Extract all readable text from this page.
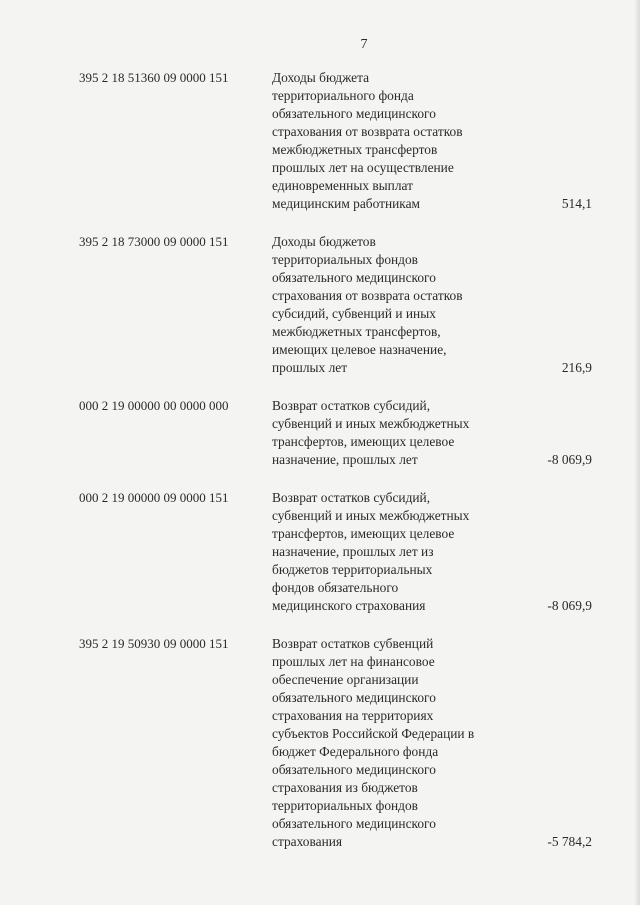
7
395 2 18 51360 09 0000 151	Доходы бюджета
территориального фонда
обязательного медицинского
страхования от возврата остатков
межбюджетных трансфертов
прошлых лет на осуществление
единовременных выплат
медицинским работникам	514,1
395 2 18 73000 09 0000 151	Доходы бюджетов
территориальных фондов
обязательного медицинского
страхования от возврата остатков
субсидий, субвенций и иных
межбюджетных трансфертов,
имеющих целевое назначение,
прошлых лет	216,9
000 2 19 00000 00 0000 000	Возврат остатков субсидий,
субвенций и иных межбюджетных
трансфертов, имеющих целевое
назначение, прошлых лет	-8 069,9
000 2 19 00000 09 0000 151	Возврат остатков субсидий,
субвенций и иных межбюджетных
трансфертов, имеющих целевое
назначение, прошлых лет из
бюджетов территориальных
фондов обязательного
медицинского страхования	-8 069,9
395 2 19 50930 09 0000 151	Возврат остатков субвенций
прошлых лет на финансовое
обеспечение организации
обязательного медицинского
страхования на территориях
субъектов Российской Федерации в
бюджет Федерального фонда
обязательного медицинского
страхования из бюджетов
территориальных фондов
обязательного медицинского
страхования	-5 784,2
